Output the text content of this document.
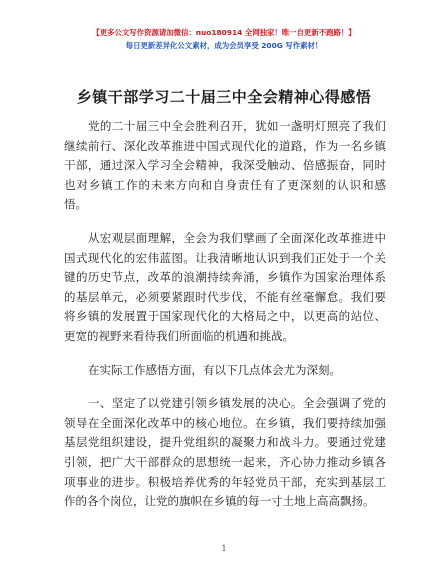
【更多公文写作资源请加微信：nuo180914 全网独家！唯一自更新不跑路！】
每日更新差异化公文素材，成为会员享受 200G 写作素材！
乡镇干部学习二十届三中全会精神心得感悟
党的二十届三中全会胜利召开，犹如一盏明灯照亮了我们
继续前行、深化改革推进中国式现代化的道路，作为一名乡镇
干部，通过深入学习全会精神，我深受触动、倍感振奋，同时
也对乡镇工作的未来方向和自身责任有了更深刻的认识和感
悟。
从宏观层面理解，全会为我们擘画了全面深化改革推进中
国式现代化的宏伟蓝图。让我清晰地认识到我们正处于一个关
键的历史节点，改革的浪潮持续奔涌，乡镇作为国家治理体系
的基层单元，必须要紧跟时代步伐，不能有丝毫懈怠。我们要
将乡镇的发展置于国家现代化的大格局之中，以更高的站位、
更宽的视野来看待我们所面临的机遇和挑战。
在实际工作感悟方面，有以下几点体会尤为深刻。
一、坚定了以党建引领乡镇发展的决心。全会强调了党的
领导在全面深化改革中的核心地位。在乡镇，我们要持续加强
基层党组织建设，提升党组织的凝聚力和战斗力。要通过党建
引领，把广大干部群众的思想统一起来，齐心协力推动乡镇各
项事业的进步。积极培养优秀的年轻党员干部，充实到基层工
作的各个岗位，让党的旗帜在乡镇的每一寸土地上高高飘扬。
1
